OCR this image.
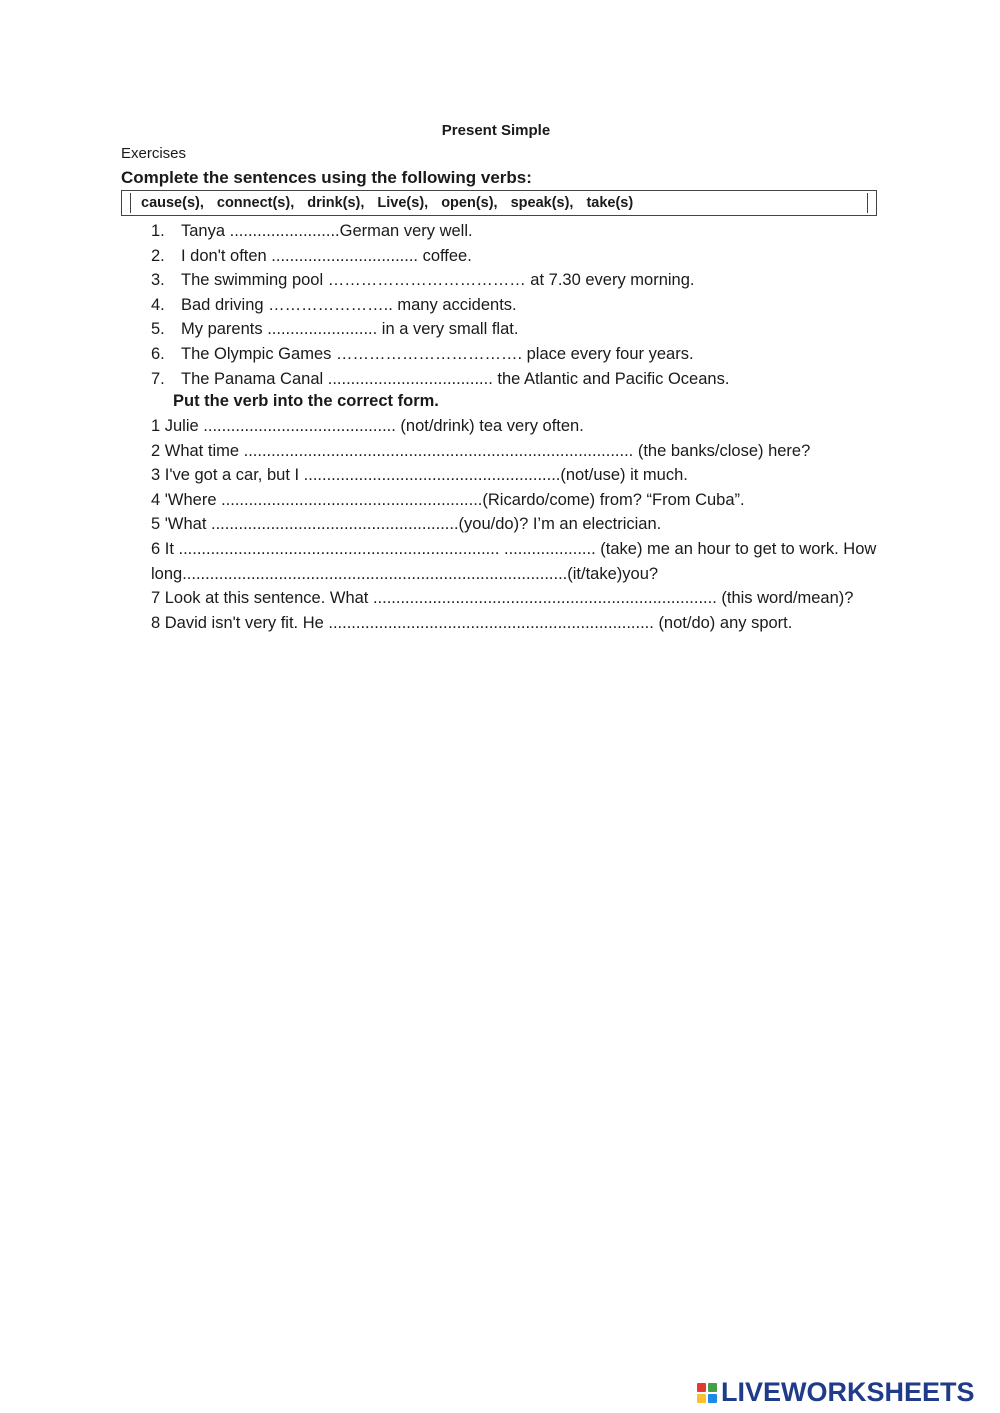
Present Simple
Exercises
Complete the sentences using the following verbs:
cause(s), connect(s), drink(s), Live(s), open(s), speak(s), take(s)
1. Tanya ........................German very well.
2. I don't often ................................ coffee.
3. The swimming pool ……………………………… at 7.30 every morning.
4. Bad driving ………………….. many accidents.
5. My parents ........................ in a very small flat.
6. The Olympic Games ……………………………. place every four years.
7. The Panama Canal .................................... the Atlantic and Pacific Oceans.
Put the verb into the correct form.
1 Julie .......................................... (not/drink) tea very often.
2 What time ..................................................................................... (the banks/close) here?
3 I've got a car, but I ........................................................(not/use) it much.
4 'Where .........................................................(Ricardo/come) from? “From Cuba”.
5 'What ......................................................(you/do)? I’m an electrician.
6 It ...................................................................... .................... (take) me an hour to get to work. How long....................................................................................(it/take)you?
7 Look at this sentence. What ........................................................................... (this word/mean)?
8 David isn't very fit. He ....................................................................... (not/do) any sport.
LIVEWORKSHEETS
